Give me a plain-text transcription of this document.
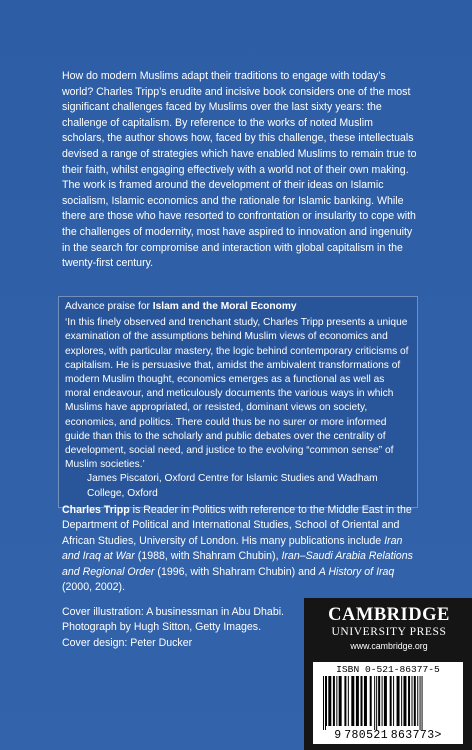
How do modern Muslims adapt their traditions to engage with today’s world? Charles Tripp’s erudite and incisive book considers one of the most significant challenges faced by Muslims over the last sixty years: the challenge of capitalism. By reference to the works of noted Muslim scholars, the author shows how, faced by this challenge, these intellectuals devised a range of strategies which have enabled Muslims to remain true to their faith, whilst engaging effectively with a world not of their own making. The work is framed around the development of their ideas on Islamic socialism, Islamic economics and the rationale for Islamic banking. While there are those who have resorted to confrontation or insularity to cope with the challenges of modernity, most have aspired to innovation and ingenuity in the search for compromise and interaction with global capitalism in the twenty-first century.

Advance praise for Islam and the Moral Economy

‘In this finely observed and trenchant study, Charles Tripp presents a unique examination of the assumptions behind Muslim views of economics and explores, with particular mastery, the logic behind contemporary criticisms of capitalism. He is persuasive that, amidst the ambivalent transformations of modern Muslim thought, economics emerges as a functional as well as moral endeavour, and meticulously documents the various ways in which Muslims have appropriated, or resisted, dominant views on society, economics, and politics. There could thus be no surer or more informed guide than this to the scholarly and public debates over the centrality of development, social need, and justice to the evolving “common sense” of Muslim societies.’

James Piscatori, Oxford Centre for Islamic Studies and Wadham College, Oxford

Charles Tripp is Reader in Politics with reference to the Middle East in the Department of Political and International Studies, School of Oriental and African Studies, University of London. His many publications include Iran and Iraq at War (1988, with Shahram Chubin), Iran–Saudi Arabia Relations and Regional Order (1996, with Shahram Chubin) and A History of Iraq (2000, 2002).

Cover illustration: A businessman in Abu Dhabi.
Photograph by Hugh Sitton, Getty Images.
Cover design: Peter Ducker
CAMBRIDGE
UNIVERSITY PRESS
www.cambridge.org
ISBN 0-521-86377-5
9 780521 863773>
